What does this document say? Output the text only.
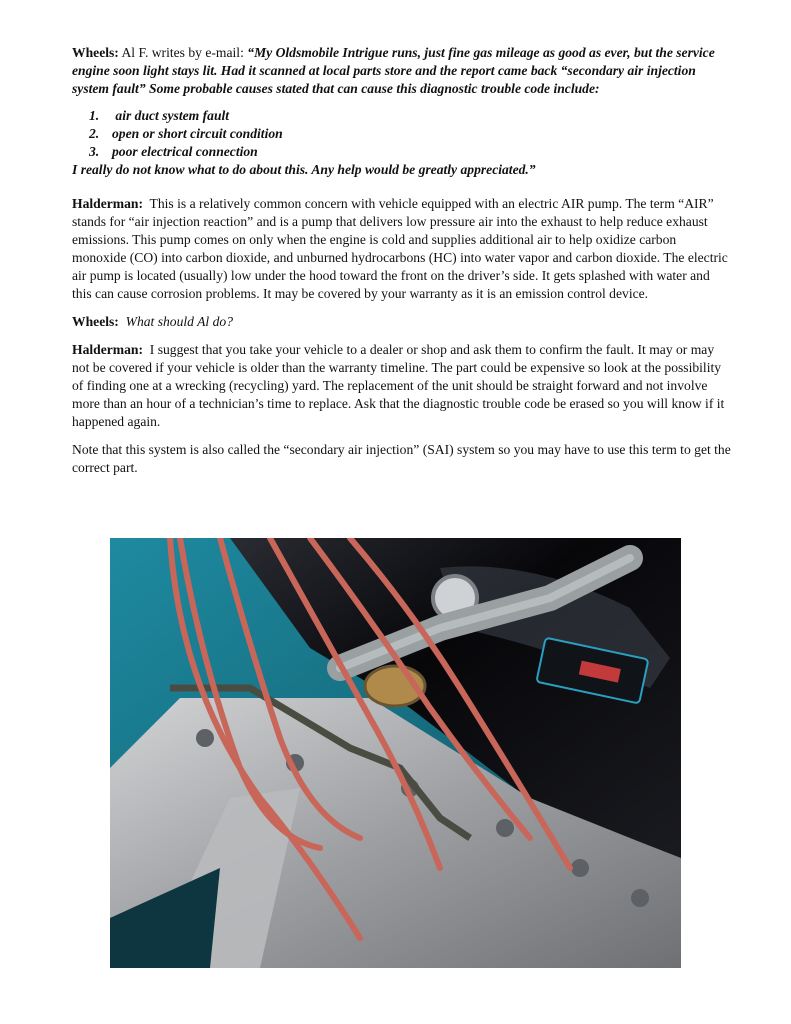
Wheels: Al F. writes by e-mail: “My Oldsmobile Intrigue runs, just fine gas mileage as good as ever, but the service engine soon light stays lit. Had it scanned at local parts store and the report came back “secondary air injection system fault” Some probable causes stated that can cause this diagnostic trouble code include:

1. air duct system fault
2. open or short circuit condition
3. poor electrical connection

I really do not know what to do about this. Any help would be greatly appreciated.”

Halderman: This is a relatively common concern with vehicle equipped with an electric AIR pump. The term “AIR” stands for “air injection reaction” and is a pump that delivers low pressure air into the exhaust to help reduce exhaust emissions. This pump comes on only when the engine is cold and supplies additional air to help oxidize carbon monoxide (CO) into carbon dioxide, and unburned hydrocarbons (HC) into water vapor and carbon dioxide. The electric air pump is located (usually) low under the hood toward the front on the driver’s side. It gets splashed with water and this can cause corrosion problems. It may be covered by your warranty as it is an emission control device.

Wheels: What should Al do?

Halderman: I suggest that you take your vehicle to a dealer or shop and ask them to confirm the fault. It may or may not be covered if your vehicle is older than the warranty timeline. The part could be expensive so look at the possibility of finding one at a wrecking (recycling) yard. The replacement of the unit should be straight forward and not involve more than an hour of a technician’s time to replace. Ask that the diagnostic trouble code be erased so you will know if it happened again.

Note that this system is also called the “secondary air injection” (SAI) system so you may have to use this term to get the correct part.
